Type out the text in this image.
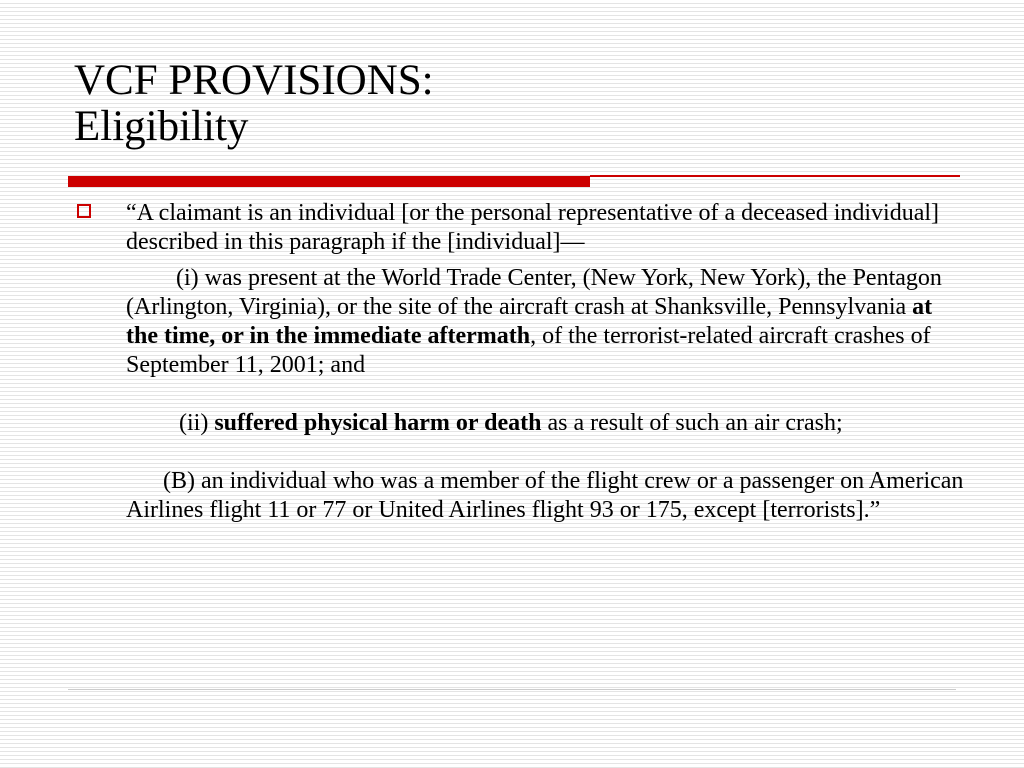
VCF PROVISIONS:
Eligibility

“A claimant is an individual [or the personal representative of a deceased individual] described in this paragraph if the [individual]—

(i) was present at the World Trade Center, (New York, New York), the Pentagon (Arlington, Virginia), or the site of the aircraft crash at Shanksville, Pennsylvania at the time, or in the immediate aftermath, of the terrorist-related aircraft crashes of September 11, 2001; and

(ii) suffered physical harm or death as a result of such an air crash;

(B) an individual who was a member of the flight crew or a passenger on American Airlines flight 11 or 77 or United Airlines flight 93 or 175, except [terrorists].”
